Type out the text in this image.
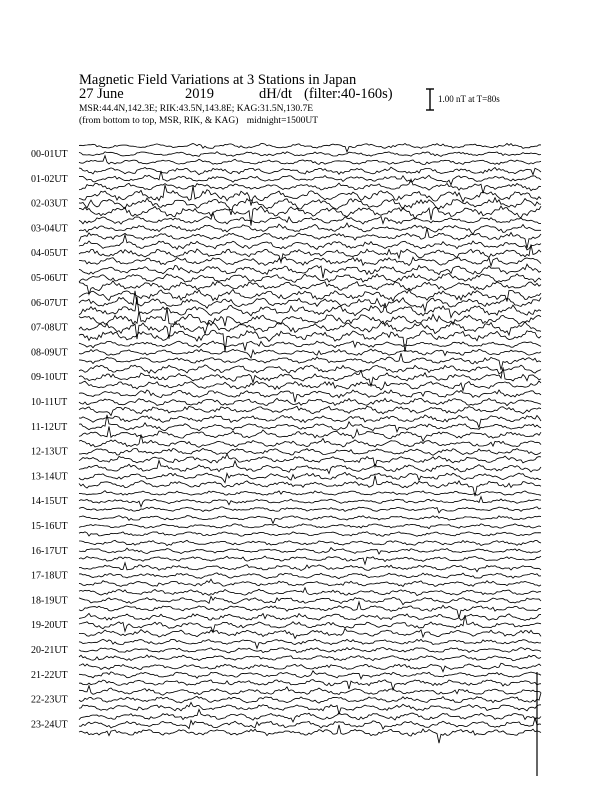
Magnetic Field Variations at 3 Stations in Japan
27 June	2019	dH/dt (filter:40-160s)
MSR:44.4N,142.3E; RIK:43.5N,143.8E; KAG:31.5N,130.7E
(from bottom to top, MSR, RIK, & KAG) midnight=1500UT
1.00 nT at T=80s
00-01UT
01-02UT
02-03UT
03-04UT
04-05UT
05-06UT
06-07UT
07-08UT
08-09UT
09-10UT
10-11UT
11-12UT
12-13UT
13-14UT
14-15UT
15-16UT
16-17UT
17-18UT
18-19UT
19-20UT
20-21UT
21-22UT
22-23UT
23-24UT
